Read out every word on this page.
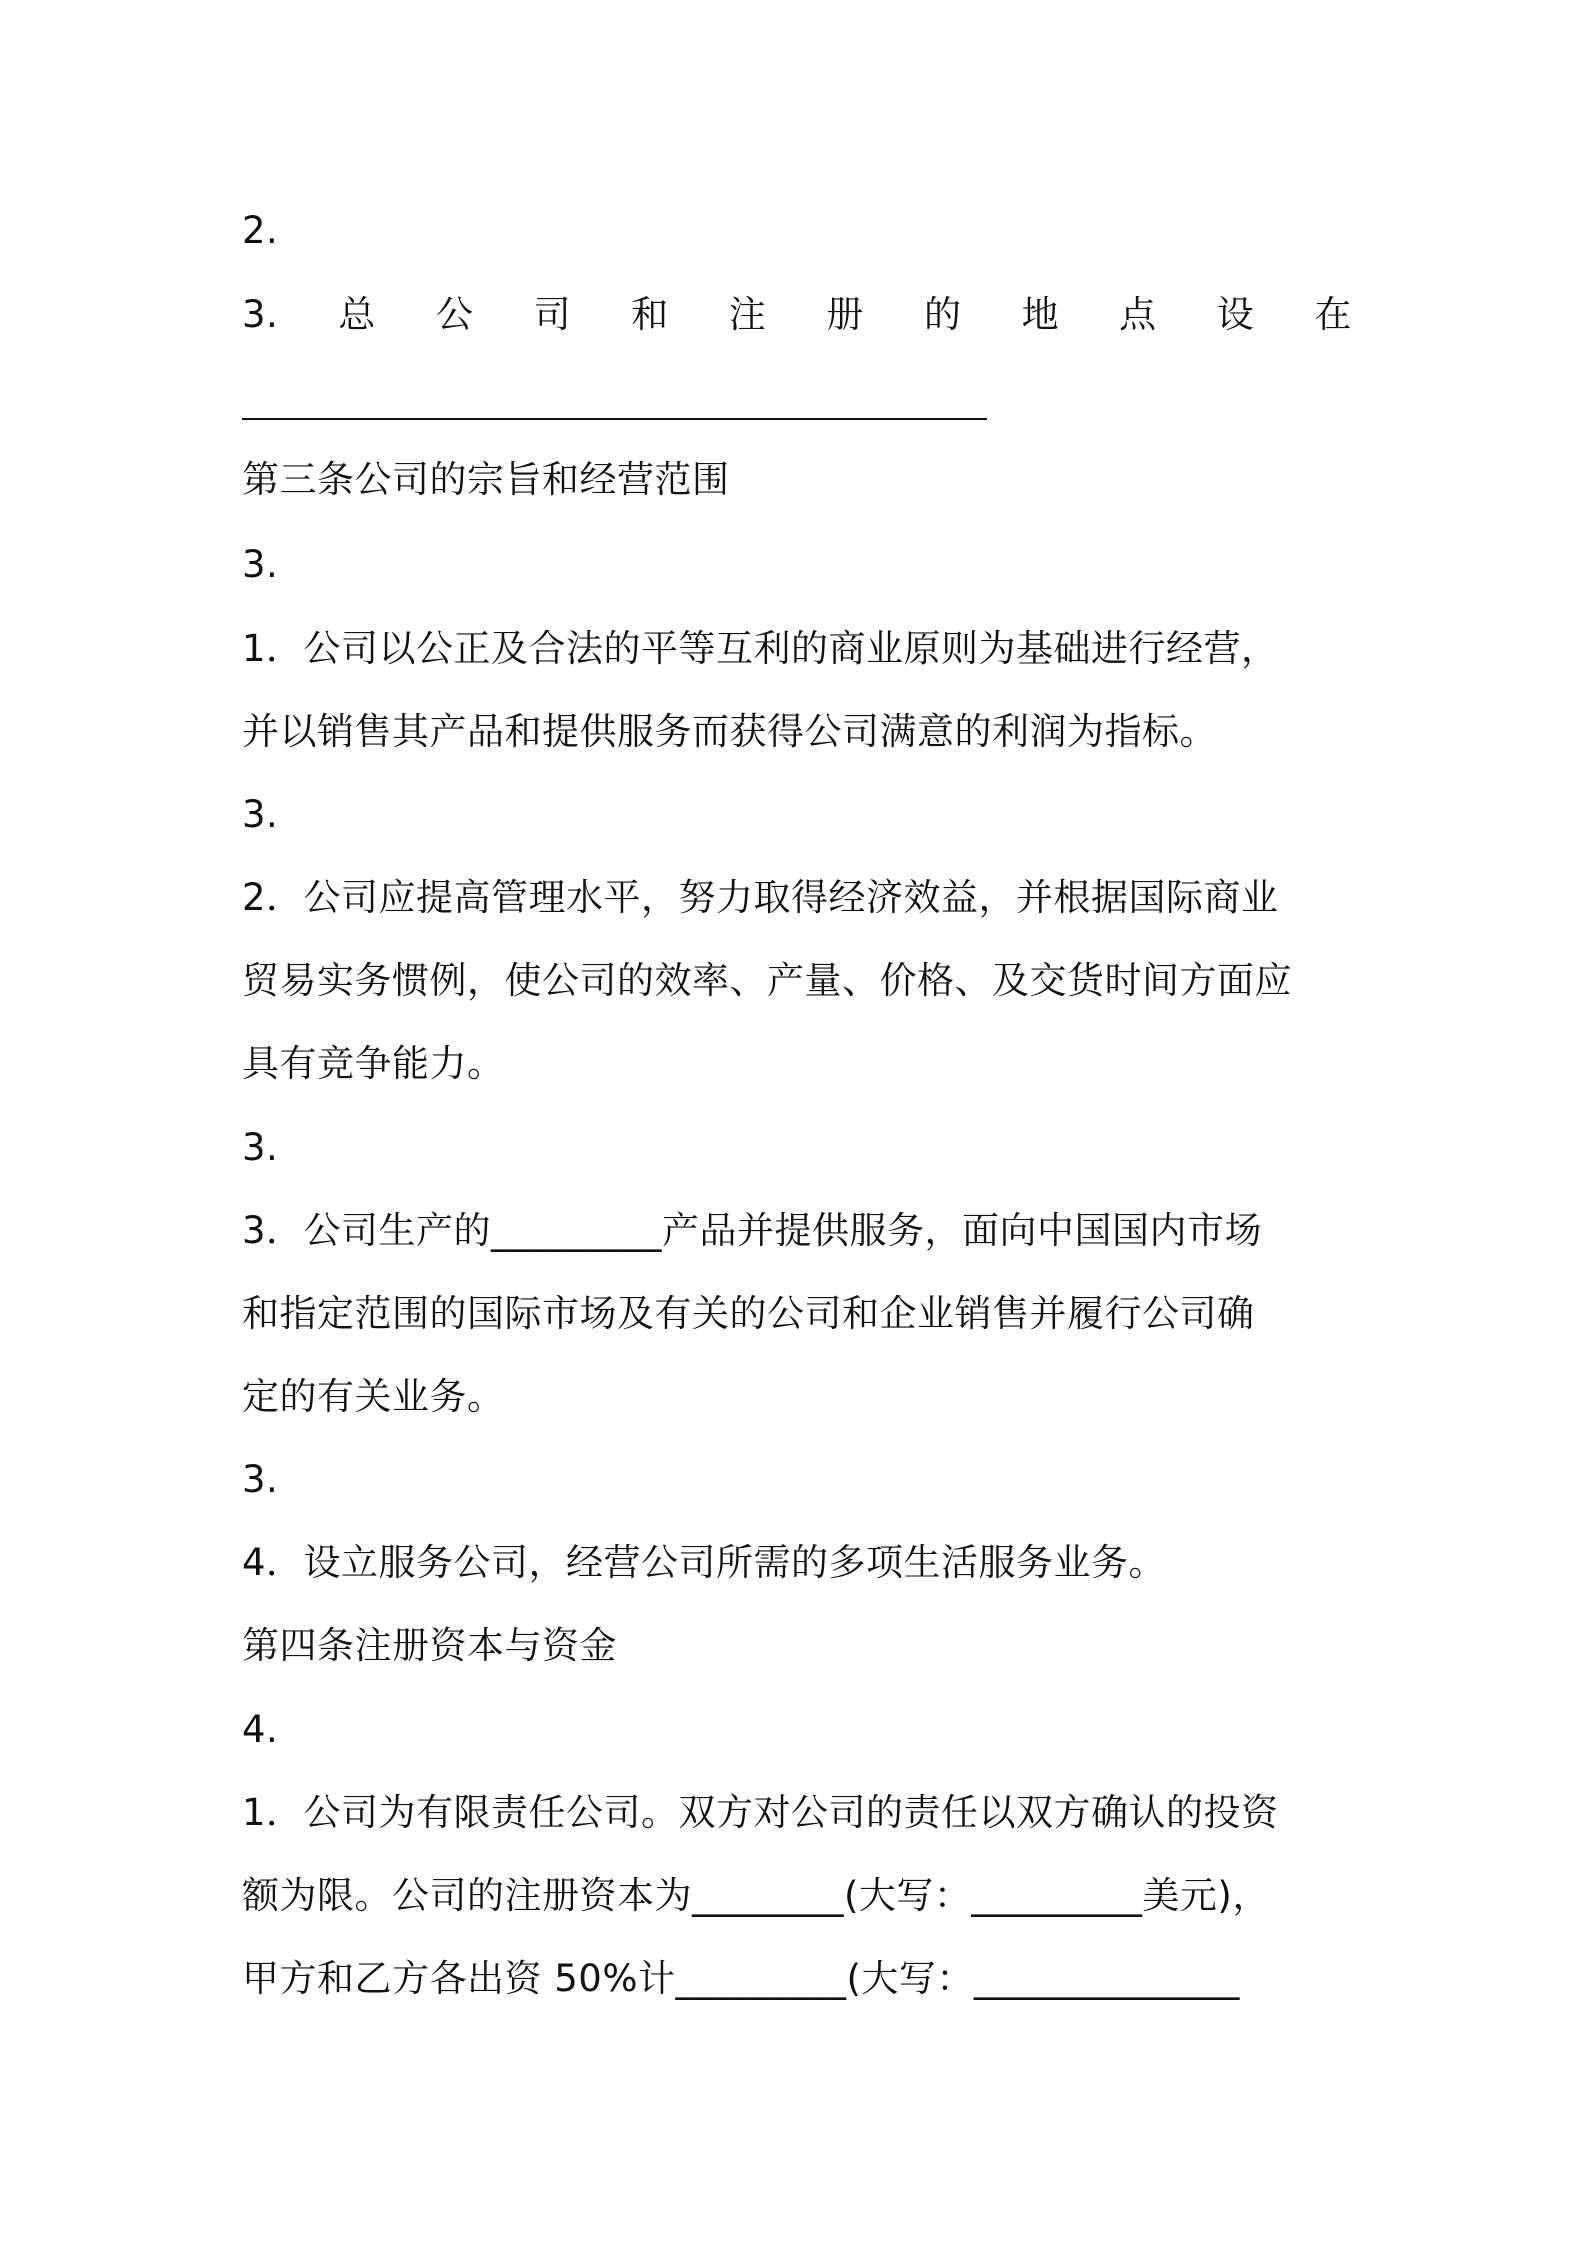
2.
3. 总 公 司 和 注 册 的 地 点 设 在
第三条公司的宗旨和经营范围
3.
1．公司以公正及合法的平等互利的商业原则为基础进行经营，
并以销售其产品和提供服务而获得公司满意的利润为指标。
3.
2．公司应提高管理水平，努力取得经济效益，并根据国际商业
贸易实务惯例，使公司的效率、产量、价格、及交货时间方面应
具有竞争能力。
3.
3．公司生产的_________产品并提供服务，面向中国国内市场
和指定范围的国际市场及有关的公司和企业销售并履行公司确
定的有关业务。
3.
4．设立服务公司，经营公司所需的多项生活服务业务。
第四条注册资本与资金
4.
1．公司为有限责任公司。双方对公司的责任以双方确认的投资
额为限。公司的注册资本为________(大写：_________美元)，
甲方和乙方各出资 50%计_________(大写：______________
